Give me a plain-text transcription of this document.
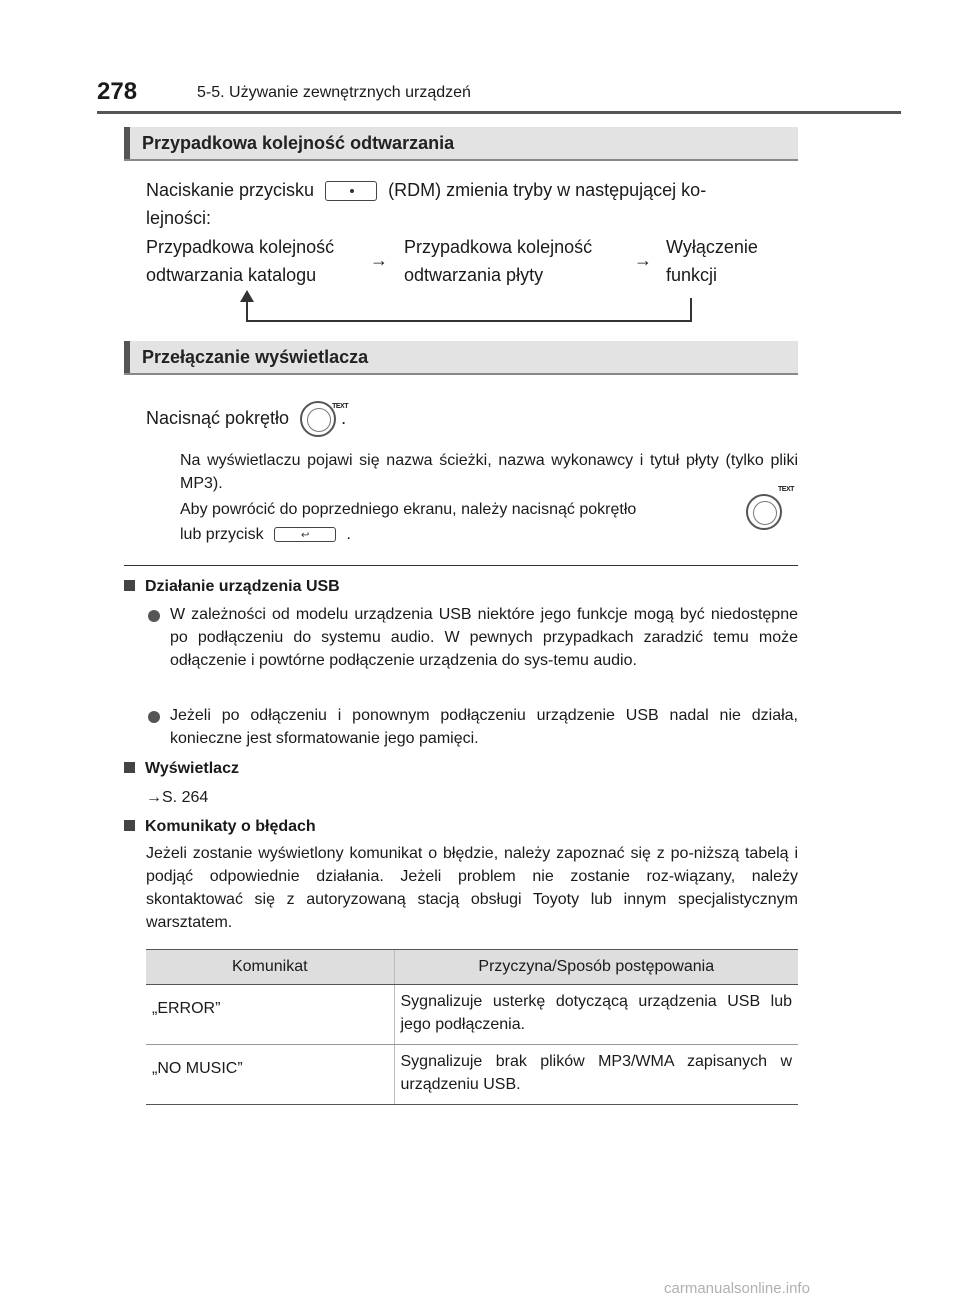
278	5-5. Używanie zewnętrznych urządzeń
Przypadkowa kolejność odtwarzania
Naciskanie przycisku	(RDM) zmienia tryby w następującej ko-
lejności:
Przypadkowa kolejność
odtwarzania katalogu
→
Przypadkowa kolejność
odtwarzania płyty
→
Wyłączenie
funkcji
Przełączanie wyświetlacza
Nacisnąć pokrętło
TEXT
.
Na wyświetlaczu pojawi się nazwa ścieżki, nazwa wykonawcy i tytuł płyty (tylko pliki MP3).
Aby powrócić do poprzedniego ekranu, należy nacisnąć pokrętło
TEXT
lub przycisk ↩	.
Działanie urządzenia USB
W zależności od modelu urządzenia USB niektóre jego funkcje mogą być niedostępne po podłączeniu do systemu audio. W pewnych przypadkach zaradzić temu może odłączenie i powtórne podłączenie urządzenia do sys-temu audio.
Jeżeli po odłączeniu i ponownym podłączeniu urządzenie USB nadal nie działa, konieczne jest sformatowanie jego pamięci.
Wyświetlacz
→S. 264
Komunikaty o błędach
Jeżeli zostanie wyświetlony komunikat o błędzie, należy zapoznać się z po-niższą tabelą i podjąć odpowiednie działania. Jeżeli problem nie zostanie roz-wiązany, należy skontaktować się z autoryzowaną stacją obsługi Toyoty lub innym specjalistycznym warsztatem.
Komunikat	Przyczyna/Sposób postępowania
„ERROR”	Sygnalizuje usterkę dotyczącą urządzenia USB lub jego podłączenia.
„NO MUSIC”	Sygnalizuje brak plików MP3/WMA zapisanych w urządzeniu USB.
carmanualsonline.info
